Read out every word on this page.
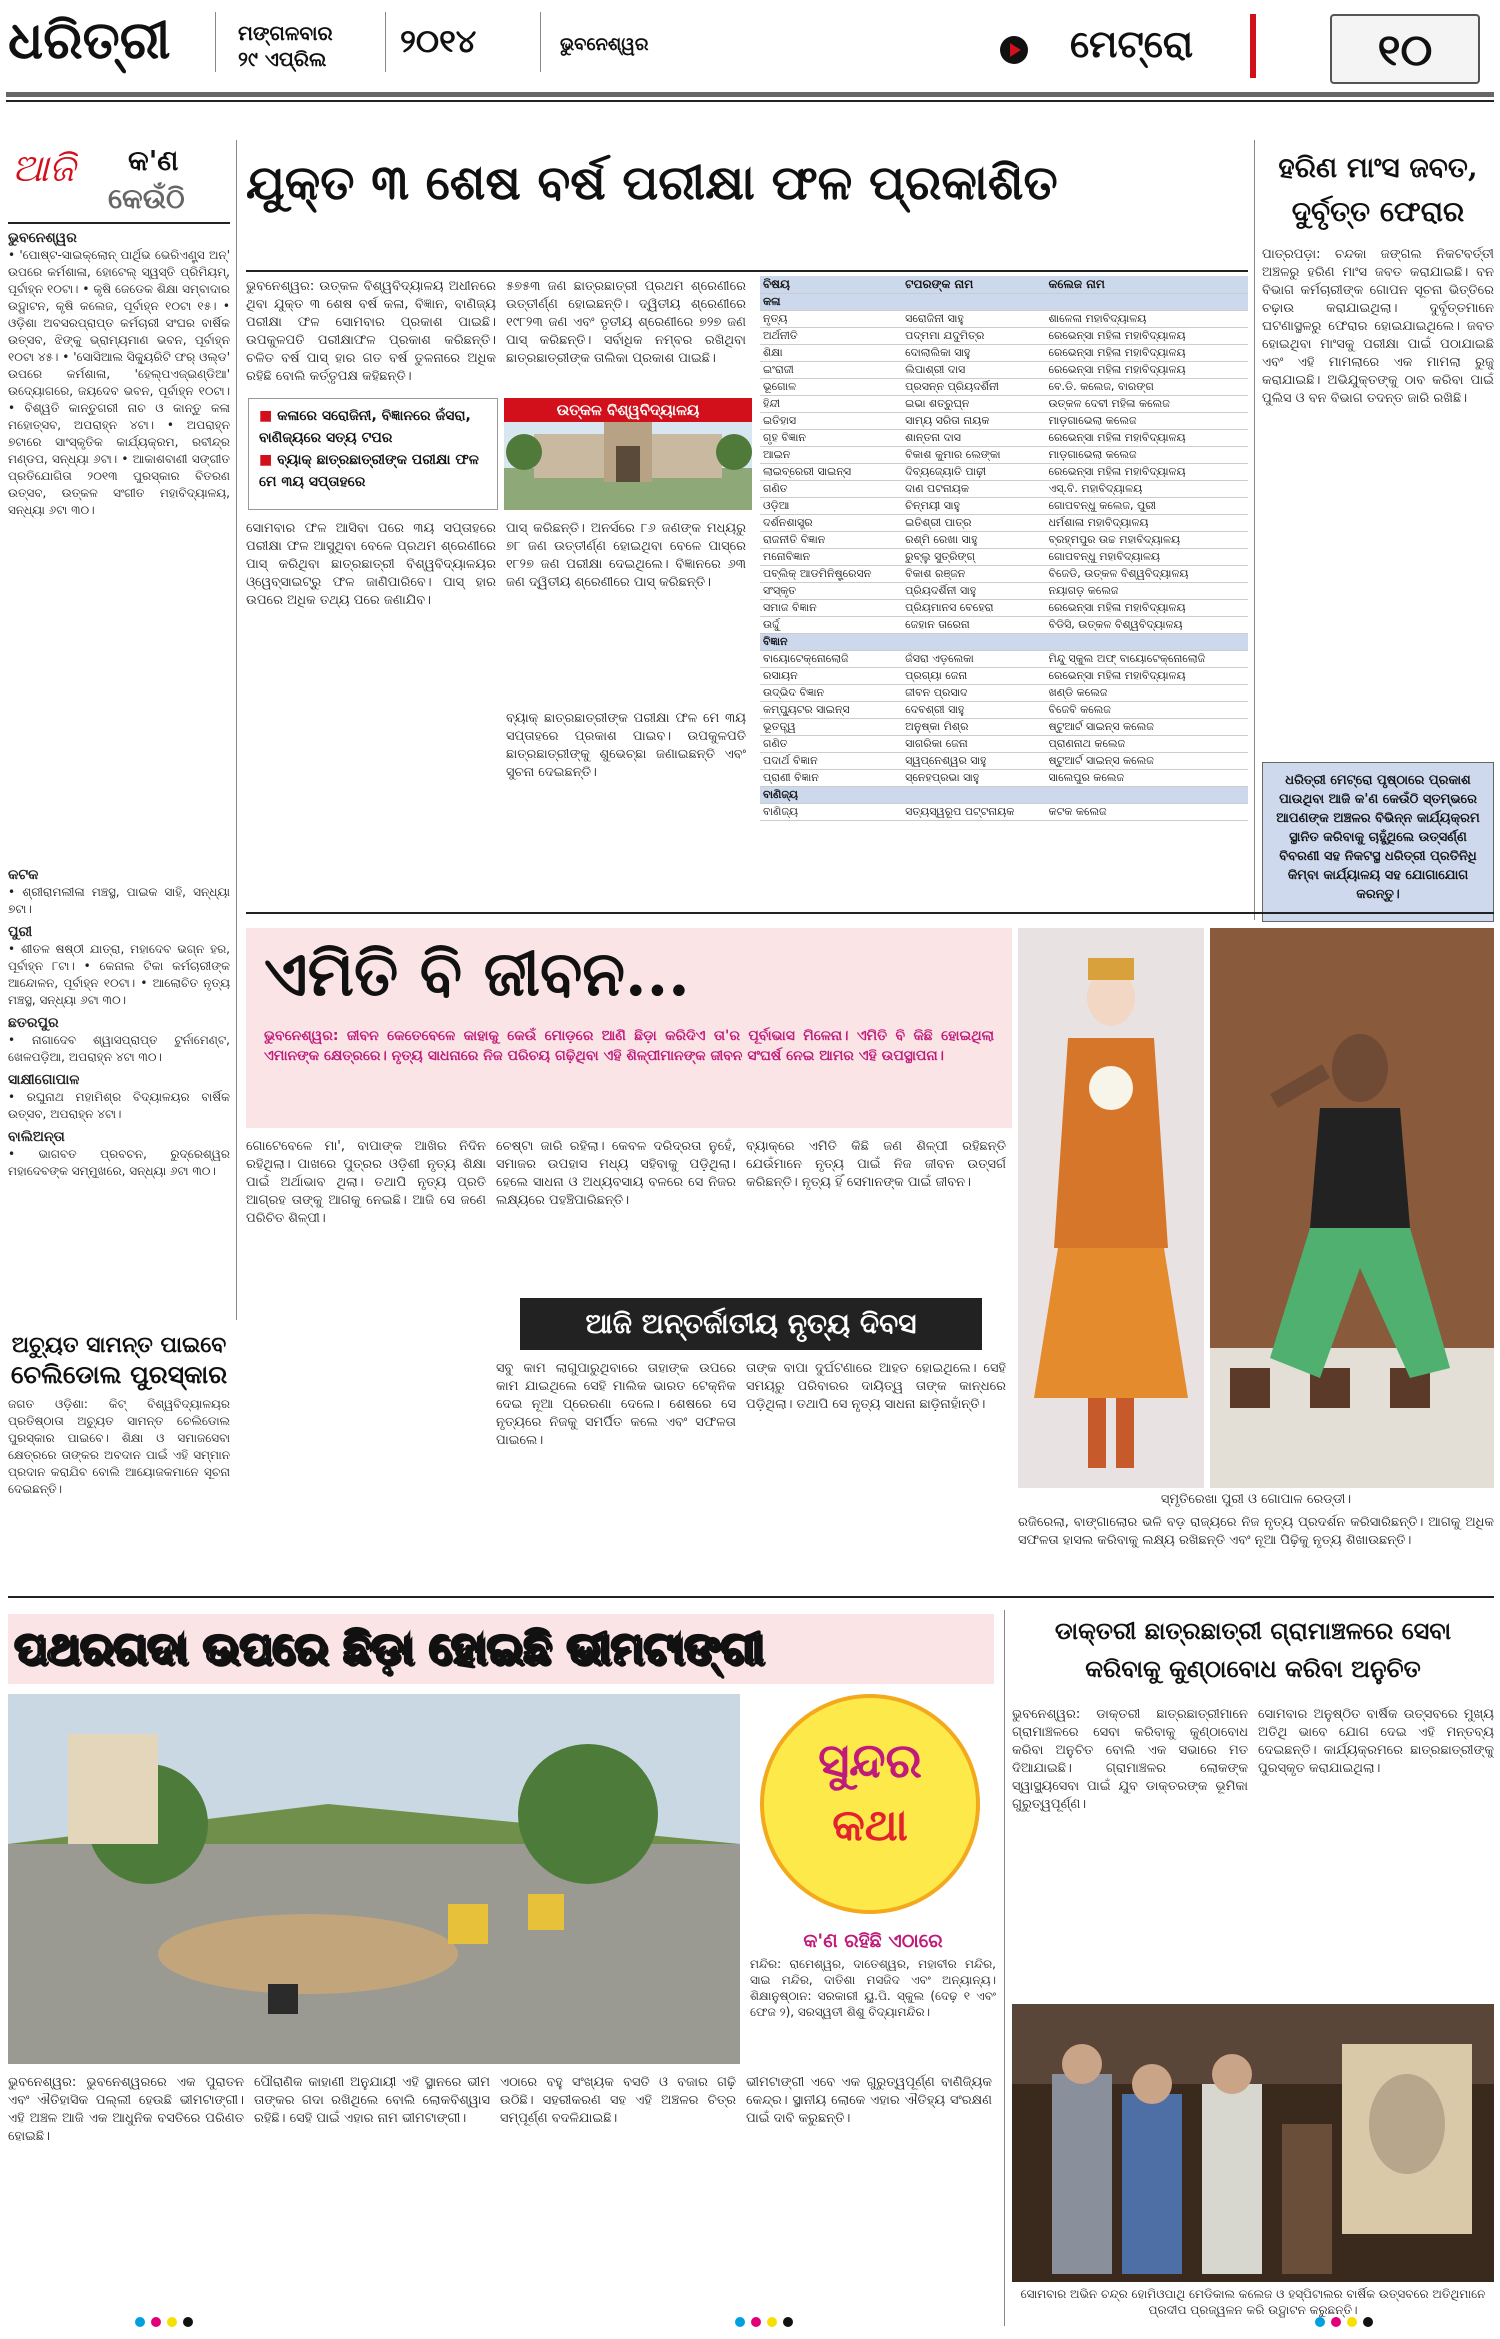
ଧରିତ୍ରୀ	ମଙ୍ଗଳବାର
୨୯ ଏପ୍ରିଲ ୨୦୧୪	ଭୁବନେଶ୍ୱର	ମେଟ୍ରୋ	୧୦
ଆଜି କ'ଣ
କେଉଁଠି
ଭୁବନେଶ୍ୱର
• 'ପୋଷ୍ଟ-ସାଇକ୍ଲୋନ୍ ପାର୍ଥିଭ ଭେରିଏଣ୍ଟ୍ସ ଅନ୍' ଉପରେ କର୍ମଶାଳା, ହୋଟେଲ୍ ସ୍ୱସ୍ତି ପ୍ରିମିୟମ୍, ପୂର୍ବାହ୍ନ ୧୦ଟା। • କୃଷି ଜେଡେକ ଶିକ୍ଷା ସମ୍ବାଦାର ଉଦ୍ଘାଟନ, କୃଷି କଲେଜ, ପୂର୍ବାହ୍ନ ୧୦ଟା ୧୫। • ଓଡ଼ିଶା ଅବସରପ୍ରାପ୍ତ କର୍ମଚାରୀ ସଂଘର ବାର୍ଷିକ ଉତ୍ସବ, ଝିଙ୍କୁ ଭ୍ରାମ୍ୟମାଣ ଭବନ, ପୂର୍ବାହ୍ନ ୧୦ଟା ୪୫। • 'ସୋସିଆଲ ସିକ୍ୟୁରିଟି ଫର୍ ଓଲ୍ଡ' ଉପରେ କର୍ମଶାଳା, 'ହେଲ୍ପଏଜ୍ଇଣ୍ଡିଆ' ଉଦ୍ୟୋଗରେ, ଜୟଦେବ ଭବନ, ପୂର୍ବାହ୍ନ ୧୦ଟା। • ବିଶ୍ୱତି କାନ୍ତୁଗରୀ ନାଚ ଓ କାନ୍ତୁ କଳା ମହୋତ୍ସବ, ଅପରାହ୍ନ ୪ଟା। • ଅପରାହ୍ନ ୭ଟାରେ ସାଂସ୍କୃତିକ କାର୍ଯ୍ୟକ୍ରମ, ରବୀନ୍ଦ୍ର ମଣ୍ଡପ, ସନ୍ଧ୍ୟା ୬ଟା। • ଆକାଶବାଣୀ ସଙ୍ଗୀତ ପ୍ରତିଯୋଗିତା ୨୦୧୩ ପୁରସ୍କାର ବିତରଣ ଉତ୍ସବ, ଉତ୍କଳ ସଂଗୀତ ମହାବିଦ୍ୟାଳୟ, ସନ୍ଧ୍ୟା ୬ଟା ୩୦।
କଟକ
• ଶ୍ରୀରାମଲୀଳା ମଞ୍ଚସ୍ଥ, ପାଇକ ସାହି, ସନ୍ଧ୍ୟା ୭ଟା।
ପୁରୀ
• ଶୀତଳ ଷଷ୍ଠୀ ଯାତ୍ରା, ମହାଦେବ ଭଗ୍ନ ହର, ପୂର୍ବାହ୍ନ ୮ଟା। • କେନାଲ ଟିକା କର୍ମଚାରୀଙ୍କ ଆନ୍ଦୋଳନ, ପୂର୍ବାହ୍ନ ୧୦ଟା। • ଆଲୋଚିତ ନୃତ୍ୟ ମଞ୍ଚସ୍ଥ, ସନ୍ଧ୍ୟା ୬ଟା ୩୦।
ଛତରପୁର
• ନାଗାଦେବ ଶ୍ୱାସପ୍ରାପ୍ତ ଟୁର୍ନାମେଣ୍ଟ, ଖେଳପଡ଼ିଆ, ଅପରାହ୍ନ ୪ଟା ୩୦।
ସାକ୍ଷୀଗୋପାଳ
• ରଘୁନାଥ ମହାମିଶ୍ର ବିଦ୍ୟାଳୟର ବାର୍ଷିକ ଉତ୍ସବ, ଅପରାହ୍ନ ୪ଟା।
ବାଲିଅନ୍ତା
• ଭାଗବତ ପ୍ରବଚନ, ରୁଦ୍ରେଶ୍ୱର ମହାଦେବଙ୍କ ସମ୍ମୁଖରେ, ସନ୍ଧ୍ୟା ୬ଟା ୩୦।
ଅଚ୍ୟୁତ ସାମନ୍ତ ପାଇବେ
ଚେଲିଡୋଲ ପୁରସ୍କାର
ଜଗତ ଓଡ଼ିଶା: କିଟ୍ ବିଶ୍ୱବିଦ୍ୟାଳୟର ପ୍ରତିଷ୍ଠାତା ଅଚ୍ୟୁତ ସାମନ୍ତ ଚେଲିଡୋଲ ପୁରସ୍କାର ପାଇବେ। ଶିକ୍ଷା ଓ ସମାଜସେବା କ୍ଷେତ୍ରରେ ତାଙ୍କର ଅବଦାନ ପାଇଁ ଏହି ସମ୍ମାନ ପ୍ରଦାନ କରାଯିବ ବୋଲି ଆୟୋଜକମାନେ ସୂଚନା ଦେଇଛନ୍ତି।
ଯୁକ୍ତ ୩ ଶେଷ ବର୍ଷ ପରୀକ୍ଷା ଫଳ ପ୍ରକାଶିତ
ଭୁବନେଶ୍ୱର: ଉତ୍କଳ ବିଶ୍ୱବିଦ୍ୟାଳୟ ଅଧୀନରେ ଥିବା ଯୁକ୍ତ ୩ ଶେଷ ବର୍ଷ କଳା, ବିଜ୍ଞାନ, ବାଣିଜ୍ୟ ପରୀକ୍ଷା ଫଳ ସୋମବାର ପ୍ରକାଶ ପାଇଛି। ଉପକୁଳପତି ପରୀକ୍ଷାଫଳ ପ୍ରକାଶ କରିଛନ୍ତି। ଚଳିତ ବର୍ଷ ପାସ୍ ହାର ଗତ ବର୍ଷ ତୁଳନାରେ ଅଧିକ ରହିଛି ବୋଲି କର୍ତ୍ତୃପକ୍ଷ କହିଛନ୍ତି।
୫୭୫୩ ଜଣ ଛାତ୍ରଛାତ୍ରୀ ପ୍ରଥମ ଶ୍ରେଣୀରେ ଉତ୍ତୀର୍ଣ୍ଣ ହୋଇଛନ୍ତି। ଦ୍ୱିତୀୟ ଶ୍ରେଣୀରେ ୧୯୮୨୩ ଜଣ ଏବଂ ତୃତୀୟ ଶ୍ରେଣୀରେ ୭୨୭ ଜଣ ପାସ୍ କରିଛନ୍ତି। ସର୍ବାଧିକ ନମ୍ବର ରଖିଥିବା ଛାତ୍ରଛାତ୍ରୀଙ୍କ ତାଲିକା ପ୍ରକାଶ ପାଇଛି।
■ କଳାରେ ସରୋଜିନୀ, ବିଜ୍ଞାନରେ ଜଁସରା, ବାଣିଜ୍ୟରେ ସତ୍ୟ ଟପର
■ ବ୍ୟାକ୍ ଛାତ୍ରଛାତ୍ରୀଙ୍କ ପରୀକ୍ଷା ଫଳ ମେ ୩ୟ ସପ୍ତାହରେ
ଉତ୍କଳ ବିଶ୍ୱବିଦ୍ୟାଳୟ
ସୋମବାର ଫଳ ଆସିବା ପରେ ୩ୟ ସପ୍ତାହରେ ପରୀକ୍ଷା ଫଳ ଆସୁଥିବା ବେଳେ ପ୍ରଥମ ଶ୍ରେଣୀରେ ପାସ୍ କରିଥିବା ଛାତ୍ରଛାତ୍ରୀ ବିଶ୍ୱବିଦ୍ୟାଳୟର ଓ୍ୱେବ୍‌ସାଇଟ୍‌ରୁ ଫଳ ଜାଣିପାରିବେ। ପାସ୍ ହାର ଉପରେ ଅଧିକ ତଥ୍ୟ ପରେ ଜଣାଯିବ।
ପାସ୍ କରିଛନ୍ତି। ଅନର୍ସରେ ୮୬ ଜଣଙ୍କ ମଧ୍ୟରୁ ୭୮ ଜଣ ଉତ୍ତୀର୍ଣ୍ଣ ହୋଇଥିବା ବେଳେ ପାସ୍‌ରେ ୧୮୨୭ ଜଣ ପରୀକ୍ଷା ଦେଇଥିଲେ। ବିଜ୍ଞାନରେ ୬୩ ଜଣ ଦ୍ୱିତୀୟ ଶ୍ରେଣୀରେ ପାସ୍ କରିଛନ୍ତି।
ବ୍ୟାକ୍ ଛାତ୍ରଛାତ୍ରୀଙ୍କ ପରୀକ୍ଷା ଫଳ ମେ ୩ୟ ସପ୍ତାହରେ ପ୍ରକାଶ ପାଇବ। ଉପକୁଳପତି ଛାତ୍ରଛାତ୍ରୀଙ୍କୁ ଶୁଭେଚ୍ଛା ଜଣାଇଛନ୍ତି ଏବଂ ସୁଚନା ଦେଇଛନ୍ତି।
ବିଷୟ	ଟପରଙ୍କ ନାମ	କଲେଜ ନାମ
କଳା		
ନୃତ୍ୟ	ସରୋଜିନୀ ସାହୁ	ଶାଳେଳା ମହାବିଦ୍ୟାଳୟ
ଅର୍ଥନୀତି	ପଦ୍ମମା ଯଦୁମିତ୍ର	ରେଭେନ୍ସା ମହିଳା ମହାବିଦ୍ୟାଳୟ
ଶିକ୍ଷା	ଦୋଲାଲିକା ସାହୁ	ରେଭେନ୍ସା ମହିଳା ମହାବିଦ୍ୟାଳୟ
ଇଂରାଜୀ	ଲିପାଶ୍ରୀ ଦାସ	ରେଭେନ୍ସା ମହିଳା ମହାବିଦ୍ୟାଳୟ
ଭୂଗୋଳ	ପ୍ରସନ୍ନ ପ୍ରିୟଦର୍ଶିନୀ	ବେ.ଡି. କଲେଜ, ବାରଙ୍ଗ
ହିନ୍ଦୀ	ଇଭା ଶତ୍ରୁଘ୍ନ	ଉତ୍କଳ ଦେବୀ ମହିଳା କଲେଜ
ଇତିହାସ	ସାମ୍ୟ ସରିତା ନାୟକ	ମାଡ଼ଗାଭେଲା କଲେଜ
ଗୃହ ବିଜ୍ଞାନ	ଶାନ୍ତନା ଦାସ	ରେଭେନ୍ସା ମହିଳା ମହାବିଦ୍ୟାଳୟ
ଆଇନ	ବିକାଶ କୁମାର ଲେଙ୍କା	ମାଡ଼ଗାଭେଲା କଲେଜ
ଲାଇବ୍ରେରୀ ସାଇନ୍ସ	ଦିବ୍ୟଜ୍ୟୋତି ପାଢ଼ୀ	ରେଭେନ୍ସା ମହିଳା ମହାବିଦ୍ୟାଳୟ
ଗଣିତ	ଦାଣ ପଟନାୟକ	ଏସ୍.ବି. ମହାବିଦ୍ୟାଳୟ
ଓଡ଼ିଆ	ଚିନ୍ମୟୀ ସାହୁ	ଗୋପବନ୍ଧୁ କଲେଜ, ପୁରୀ
ଦର୍ଶନଶାସ୍ତ୍ର	ଇତିଶ୍ରୀ ପାତ୍ର	ଧର୍ମଶାଳା ମହାବିଦ୍ୟାଳୟ
ରାଜନୀତି ବିଜ୍ଞାନ	ରଶ୍ମି ରେଖା ସାହୁ	ବ୍ରହ୍ମପୁର ଉଚ୍ଚ ମହାବିଦ୍ୟାଳୟ
ମନୋବିଜ୍ଞାନ	ରୁବ୍ଲୁ ସୁତ୍ରିଙ୍ଗ୍	ଗୋପବନ୍ଧୁ ମହାବିଦ୍ୟାଳୟ
ପବ୍ଲିକ୍ ଆଡମିନିଷ୍ଟ୍ରେସନ	ବିକାଶ ରଞ୍ଜନ	ବିଜେଡି, ଉତ୍କଳ ବିଶ୍ୱବିଦ୍ୟାଳୟ
ସଂସ୍କୃତ	ପ୍ରିୟଦର୍ଶିନୀ ସାହୁ	ନୟାଗଡ଼ କଲେଜ
ସମାଜ ବିଜ୍ଞାନ	ପ୍ରିୟମାନସ ବେହେରା	ରେଭେନ୍ସା ମହିଳା ମହାବିଦ୍ୟାଳୟ
ଉର୍ଦ୍ଦୁ	ଜେହାନ ତାରେନା	ବିଡିସି, ଉତ୍କଳ ବିଶ୍ୱବିଦ୍ୟାଳୟ
ବିଜ୍ଞାନ		
ବାୟୋଟେକ୍ନୋଲୋଜି	ଜଁସରା ଏଡ଼ଲେକା	ମିନ୍ଦୁ ସ୍କୁଲ ଅଫ୍ ବାୟୋଟେକ୍ନୋଲୋଜି
ରସାୟନ	ପ୍ରଗ୍ୟା ଜେନା	ରେଭେନ୍ସା ମହିଳା ମହାବିଦ୍ୟାଳୟ
ଉଦ୍ଭିଦ ବିଜ୍ଞାନ	ଜୀବନ ପ୍ରସାଦ	ଖଣ୍ଡି କଲେଜ
କମ୍ପ୍ୟୁଟର ସାଇନ୍ସ	ଦେବଶ୍ରୀ ସାହୁ	ବିଜେବି କଲେଜ
ଭୂତତ୍ତ୍ୱ	ଅନୁଷ୍କା ମିଶ୍ର	ଷ୍ଟୁଆର୍ଟ ସାଇନ୍ସ କଲେଜ
ଗଣିତ	ସାଗରିକା ଜେନା	ପ୍ରାଣନାଥ କଲେଜ
ପଦାର୍ଥ ବିଜ୍ଞାନ	ସ୍ୱପ୍ନେଶ୍ୱର ସାହୁ	ଷ୍ଟୁଆର୍ଟ ସାଇନ୍ସ କଲେଜ
ପ୍ରାଣୀ ବିଜ୍ଞାନ	ସ୍ନେହପ୍ରଭା ସାହୁ	ସାଲେପୁର କଲେଜ
ବାଣିଜ୍ୟ		
ବାଣିଜ୍ୟ	ସତ୍ୟସ୍ୱରୂପ ପଟ୍ଟନାୟକ	କଟକ କଲେଜ
ହରିଣ ମାଂସ ଜବତ,
ଦୁର୍ବୃତ୍ତ ଫେରାର
ପାତ୍ରପଡ଼ା: ଚନ୍ଦକା ଜଙ୍ଗଲ ନିକଟବର୍ତ୍ତୀ ଅଞ୍ଚଳରୁ ହରିଣ ମାଂସ ଜବତ କରାଯାଇଛି। ବନ ବିଭାଗ କର୍ମଚାରୀଙ୍କ ଗୋପନ ସୂଚନା ଭିତ୍ତିରେ ଚଢ଼ାଉ କରାଯାଇଥିଲା। ଦୁର୍ବୃତ୍ତମାନେ ଘଟଣାସ୍ଥଳରୁ ଫେରାର ହୋଇଯାଇଥିଲେ। ଜବତ ହୋଇଥିବା ମାଂସକୁ ପରୀକ୍ଷା ପାଇଁ ପଠାଯାଇଛି ଏବଂ ଏହି ମାମଲାରେ ଏକ ମାମଲା ରୁଜୁ କରାଯାଇଛି। ଅଭିଯୁକ୍ତଙ୍କୁ ଠାବ କରିବା ପାଇଁ ପୁଲିସ ଓ ବନ ବିଭାଗ ତଦନ୍ତ ଜାରି ରଖିଛି।
ଧରିତ୍ରୀ ମେଟ୍ରୋ ପୃଷ୍ଠାରେ ପ୍ରକାଶ ପାଉଥିବା ଆଜି କ'ଣ କେଉଁଠି ସ୍ତମ୍ଭରେ ଆପଣଙ୍କ ଅଞ୍ଚଳର ବିଭିନ୍ନ କାର୍ଯ୍ୟକ୍ରମ ସ୍ଥାନିତ କରିବାକୁ ଚାହୁଁଥିଲେ ଉତ୍ସର୍ଣ୍ଣ ବିବରଣୀ ସହ ନିକଟସ୍ଥ ଧରିତ୍ରୀ ପ୍ରତିନିଧି କିମ୍ବା କାର୍ଯ୍ୟାଳୟ ସହ ଯୋଗାଯୋଗ କରନ୍ତୁ।
ଏମିତି ବି ଜୀବନ...
ଭୁବନେଶ୍ୱର: ଜୀବନ କେତେବେଳେ କାହାକୁ କେଉଁ ମୋଡ଼ରେ ଆଣି ଛିଡ଼ା କରିଦିଏ ତା'ର ପୂର୍ବାଭାସ ମିଳେନା। ଏମିତି ବି କିଛି ହୋଇଥିଲା ଏମାନଙ୍କ କ୍ଷେତ୍ରରେ। ନୃତ୍ୟ ସାଧନାରେ ନିଜ ପରିଚୟ ଗଢ଼ିଥିବା ଏହି ଶିଳ୍ପୀମାନଙ୍କ ଜୀବନ ସଂଘର୍ଷ ନେଇ ଆମର ଏହି ଉପସ୍ଥାପନା।
ଗୋଟେବେଳେ ମା', ବାପାଙ୍କ ଆଖିର ନିଦିନ ରହିଥିଲା। ପାଖରେ ପୁତ୍ରର ଓଡ଼ିଶୀ ନୃତ୍ୟ ଶିକ୍ଷା ପାଇଁ ଅର୍ଥାଭାବ ଥିଲା। ତଥାପି ନୃତ୍ୟ ପ୍ରତି ଆଗ୍ରହ ତାଙ୍କୁ ଆଗକୁ ନେଇଛି। ଆଜି ସେ ଜଣେ ପରିଚିତ ଶିଳ୍ପୀ।
ଚେଷ୍ଟା ଜାରି ରହିଲା। କେବଳ ଦରିଦ୍ରତା ନୁହେଁ, ସମାଜର ଉପହାସ ମଧ୍ୟ ସହିବାକୁ ପଡ଼ିଥିଲା। ହେଲେ ସାଧନା ଓ ଅଧ୍ୟବସାୟ ବଳରେ ସେ ନିଜର ଲକ୍ଷ୍ୟରେ ପହଞ୍ଚିପାରିଛନ୍ତି।
ବ୍ୟାକ୍‌ରେ ଏମିତି କିଛି ଜଣ ଶିଳ୍ପୀ ରହିଛନ୍ତି ଯେଉଁମାନେ ନୃତ୍ୟ ପାଇଁ ନିଜ ଜୀବନ ଉତ୍ସର୍ଗ କରିଛନ୍ତି। ନୃତ୍ୟ ହିଁ ସେମାନଙ୍କ ପାଇଁ ଜୀବନ।
ଆଜି ଅନ୍ତର୍ଜାତୀୟ ନୃତ୍ୟ ଦିବସ
ସବୁ କାମ ଲାଗୁପାରୁଥିବାରେ ତାହାଙ୍କ ଉପରେ କାମ ଯାଇଥିଲେ ସେହି ମାଲିକ ଭାରତ ଟେକ୍ନିକ ଦେଇ ନୂଆ ପ୍ରେରଣା ଦେଲେ। ଶେଷରେ ସେ ନୃତ୍ୟରେ ନିଜକୁ ସମର୍ପିତ କଲେ ଏବଂ ସଫଳତା ପାଇଲେ।
ତାଙ୍କ ବାପା ଦୁର୍ଘଟଣାରେ ଆହତ ହୋଇଥିଲେ। ସେହି ସମୟରୁ ପରିବାରର ଦାୟିତ୍ୱ ତାଙ୍କ କାନ୍ଧରେ ପଡ଼ିଥିଲା। ତଥାପି ସେ ନୃତ୍ୟ ସାଧନା ଛାଡ଼ିନାହାଁନ୍ତି।
ସ୍ମୃତିରେଖା ପୁରୀ ଓ ଗୋପାଳ ରେଡ୍ଡୀ।
ରଜିରେଲା, ବାଙ୍ଗାଲୋର ଭଳି ବଡ଼ ରାଜ୍ୟରେ ନିଜ ନୃତ୍ୟ ପ୍ରଦର୍ଶନ କରିସାରିଛନ୍ତି। ଆଗକୁ ଅଧିକ ସଫଳତା ହାସଲ କରିବାକୁ ଲକ୍ଷ୍ୟ ରଖିଛନ୍ତି ଏବଂ ନୂଆ ପିଢ଼ିକୁ ନୃତ୍ୟ ଶିଖାଉଛନ୍ତି।
ପଥରଗଦା ଉପରେ ଛିଡ଼ା ହୋଇଛି ଭୀମଟାଙ୍ଗୀ
ସୁନ୍ଦର
କଥା
କ'ଣ ରହିଛି ଏଠାରେ
ମନ୍ଦିର: ରାମେଶ୍ୱର, ଦାତେଶ୍ୱର, ମହାବୀର ମନ୍ଦିର, ସାଇ ମନ୍ଦିର, ଦାତିଶା ମସଜିଦ ଏବଂ ଅନ୍ୟାନ୍ୟ। ଶିକ୍ଷାନୁଷ୍ଠାନ: ସରକାରୀ ୟୁ.ପି. ସ୍କୁଲ (ଦେଢ଼ ୧ ଏବଂ ଫେଜ ୨), ସରସ୍ୱତୀ ଶିଶୁ ବିଦ୍ୟାମନ୍ଦିର।
ଭୁବନେଶ୍ୱର: ଭୁବନେଶ୍ୱରରେ ଏକ ପୁରାତନ ଏବଂ ଐତିହାସିକ ପଲ୍ଲୀ ହେଉଛି ଭୀମଟାଙ୍ଗୀ। ଏହି ଅଞ୍ଚଳ ଆଜି ଏକ ଆଧୁନିକ ବସତିରେ ପରିଣତ ହୋଇଛି।
ପୌରାଣିକ କାହାଣୀ ଅନୁଯାୟୀ ଏହି ସ୍ଥାନରେ ଭୀମ ତାଙ୍କର ଗଦା ରଖିଥିଲେ ବୋଲି ଲୋକବିଶ୍ୱାସ ରହିଛି। ସେହି ପାଇଁ ଏହାର ନାମ ଭୀମଟାଙ୍ଗୀ।
ଏଠାରେ ବହୁ ସଂଖ୍ୟକ ବସତି ଓ ବଜାର ଗଢ଼ି ଉଠିଛି। ସହରୀକରଣ ସହ ଏହି ଅଞ୍ଚଳର ଚିତ୍ର ସମ୍ପୂର୍ଣ୍ଣ ବଦଳିଯାଇଛି।
ଭୀମଟାଙ୍ଗୀ ଏବେ ଏକ ଗୁରୁତ୍ୱପୂର୍ଣ୍ଣ ବାଣିଜ୍ୟିକ କେନ୍ଦ୍ର। ସ୍ଥାନୀୟ ଲୋକେ ଏହାର ଐତିହ୍ୟ ସଂରକ୍ଷଣ ପାଇଁ ଦାବି କରୁଛନ୍ତି।
ଡାକ୍ତରୀ ଛାତ୍ରଛାତ୍ରୀ ଗ୍ରାମାଞ୍ଚଳରେ ସେବା
କରିବାକୁ କୁଣ୍ଠାବୋଧ କରିବା ଅନୁଚିତ
ଭୁବନେଶ୍ୱର: ଡାକ୍ତରୀ ଛାତ୍ରଛାତ୍ରୀମାନେ ଗ୍ରାମାଞ୍ଚଳରେ ସେବା କରିବାକୁ କୁଣ୍ଠାବୋଧ କରିବା ଅନୁଚିତ ବୋଲି ଏକ ସଭାରେ ମତ ଦିଆଯାଇଛି। ଗ୍ରାମାଞ୍ଚଳର ଲୋକଙ୍କ ସ୍ୱାସ୍ଥ୍ୟସେବା ପାଇଁ ଯୁବ ଡାକ୍ତରଙ୍କ ଭୂମିକା ଗୁରୁତ୍ୱପୂର୍ଣ୍ଣ।
ସୋମବାର ଅନୁଷ୍ଠିତ ବାର୍ଷିକ ଉତ୍ସବରେ ମୁଖ୍ୟ ଅତିଥି ଭାବେ ଯୋଗ ଦେଇ ଏହି ମନ୍ତବ୍ୟ ଦେଇଛନ୍ତି। କାର୍ଯ୍ୟକ୍ରମରେ ଛାତ୍ରଛାତ୍ରୀଙ୍କୁ ପୁରସ୍କୃତ କରାଯାଇଥିଲା।
ସୋମବାର ଅଭିନ ଚନ୍ଦ୍ର ହୋମିଓପାଥି ମେଡିକାଲ କଲେଜ ଓ ହସ୍ପିଟାଲର ବାର୍ଷିକ ଉତ୍ସବରେ ଅତିଥିମାନେ ପ୍ରଦୀପ ପ୍ରଜ୍ୱଳନ କରି ଉଦ୍ଘାଟନ କରୁଛନ୍ତି।
